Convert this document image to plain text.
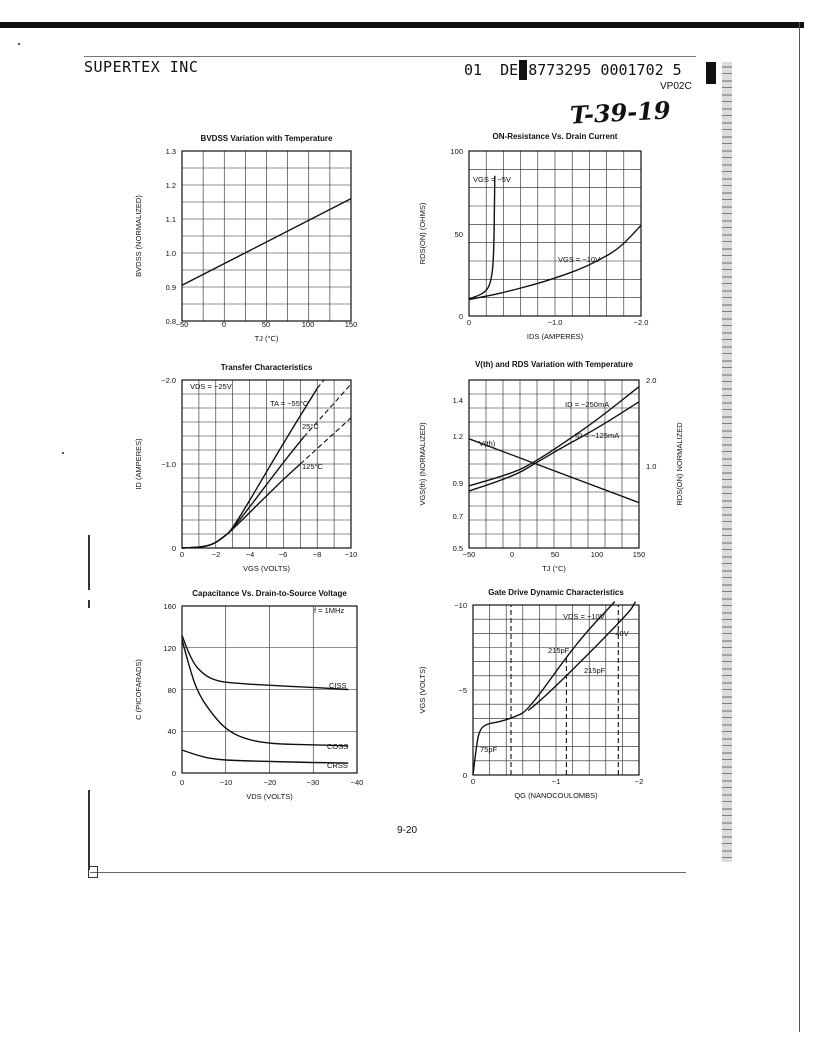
SUPERTEX INC	01 DE 8773295 0001702 5
VP02C
T-39-19
9-20
BVDSS Variation with Temperature
TJ (°C)
BVDSS (NORMALIZED)
−50	0	50	100	150
0.8
0.9
1.0
1.1
1.2
1.3
ON-Resistance Vs. Drain Current
IDS (AMPERES)
RDS(ON) (OHMS)
0	−1.0	−2.0
0
50
100
VGS = −5V
VGS = −10V
Transfer Characteristics
VGS (VOLTS)
ID (AMPERES)
0	−2	−4	−6	−8	−10
0
−1.0
−2.0
VDS = −25V
TA = −55°C
25°C
125°C
V(th) and RDS Variation with Temperature
TJ (°C)
VGS(th) (NORMALIZED)	RDS(ON) NORMALIZED
−50	0	50	100	150
0.5
0.7
0.9
1.2
1.4
1.0
2.0
ID = −250mA
ID = −125mA
V(th)
Capacitance Vs. Drain-to-Source Voltage
VDS (VOLTS)
C (PICOFARADS)
0	−10	−20	−30	−40
0
40
80
120
160	f = 1MHz
CISS
COSS
CRSS
Gate Drive Dynamic Characteristics
QG (NANOCOULOMBS)
VGS (VOLTS)
0	−1	−2
0
−5
−10
VDS = −10V
−40V
215pF
215pF
75pF
